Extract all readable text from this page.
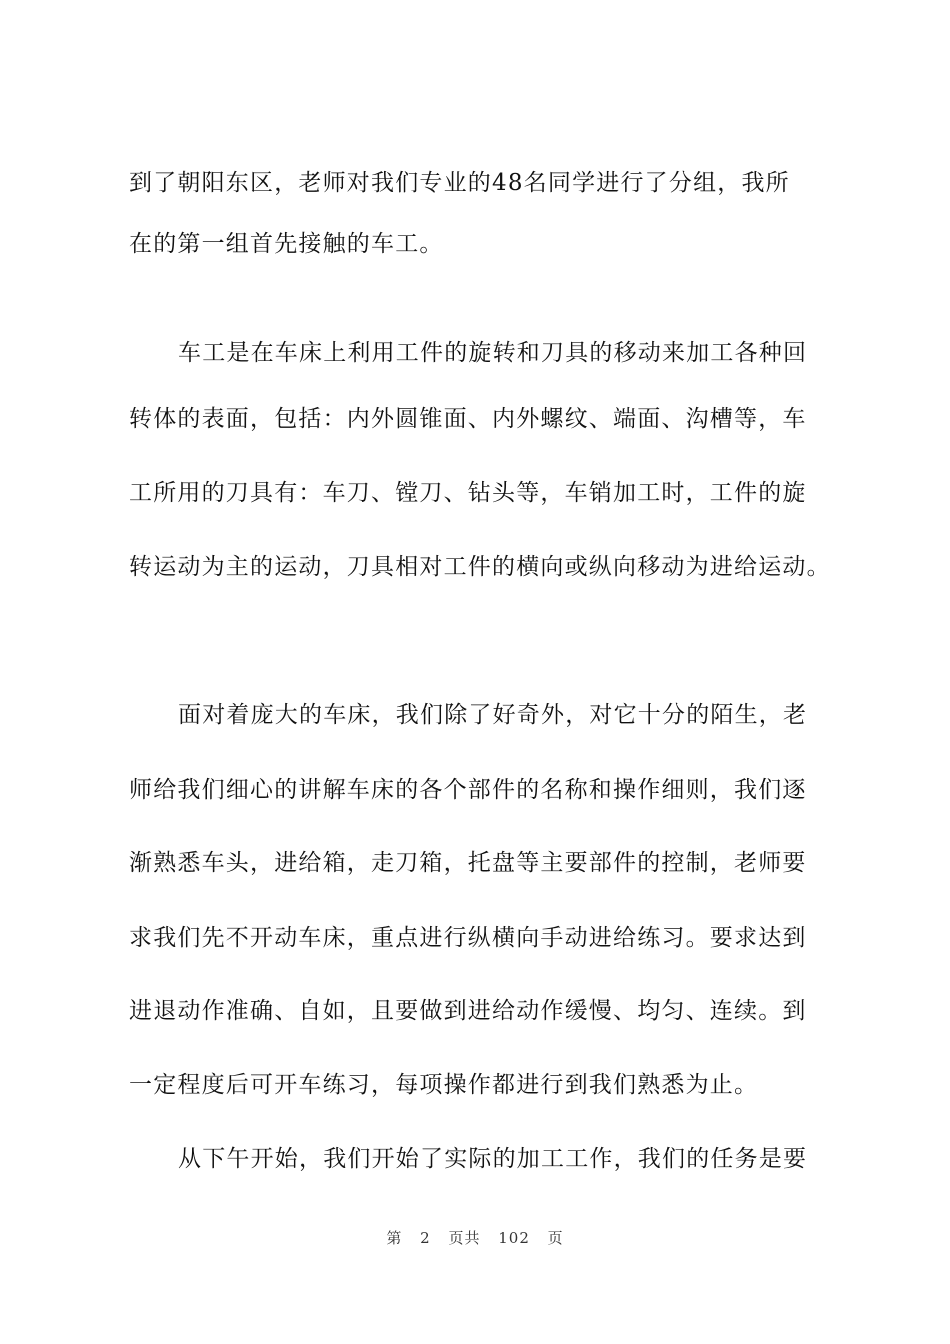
到了朝阳东区，老师对我们专业的48名同学进行了分组，我所
在的第一组首先接触的车工。
车工是在车床上利用工件的旋转和刀具的移动来加工各种回
转体的表面，包括：内外圆锥面、内外螺纹、端面、沟槽等，车
工所用的刀具有：车刀、镗刀、钻头等，车销加工时，工件的旋
转运动为主的运动，刀具相对工件的横向或纵向移动为进给运动。
面对着庞大的车床，我们除了好奇外，对它十分的陌生，老
师给我们细心的讲解车床的各个部件的名称和操作细则，我们逐
渐熟悉车头，进给箱，走刀箱，托盘等主要部件的控制，老师要
求我们先不开动车床，重点进行纵横向手动进给练习。要求达到
进退动作准确、自如，且要做到进给动作缓慢、均匀、连续。到
一定程度后可开车练习，每项操作都进行到我们熟悉为止。
从下午开始，我们开始了实际的加工工作，我们的任务是要
第 2 页共 102 页
